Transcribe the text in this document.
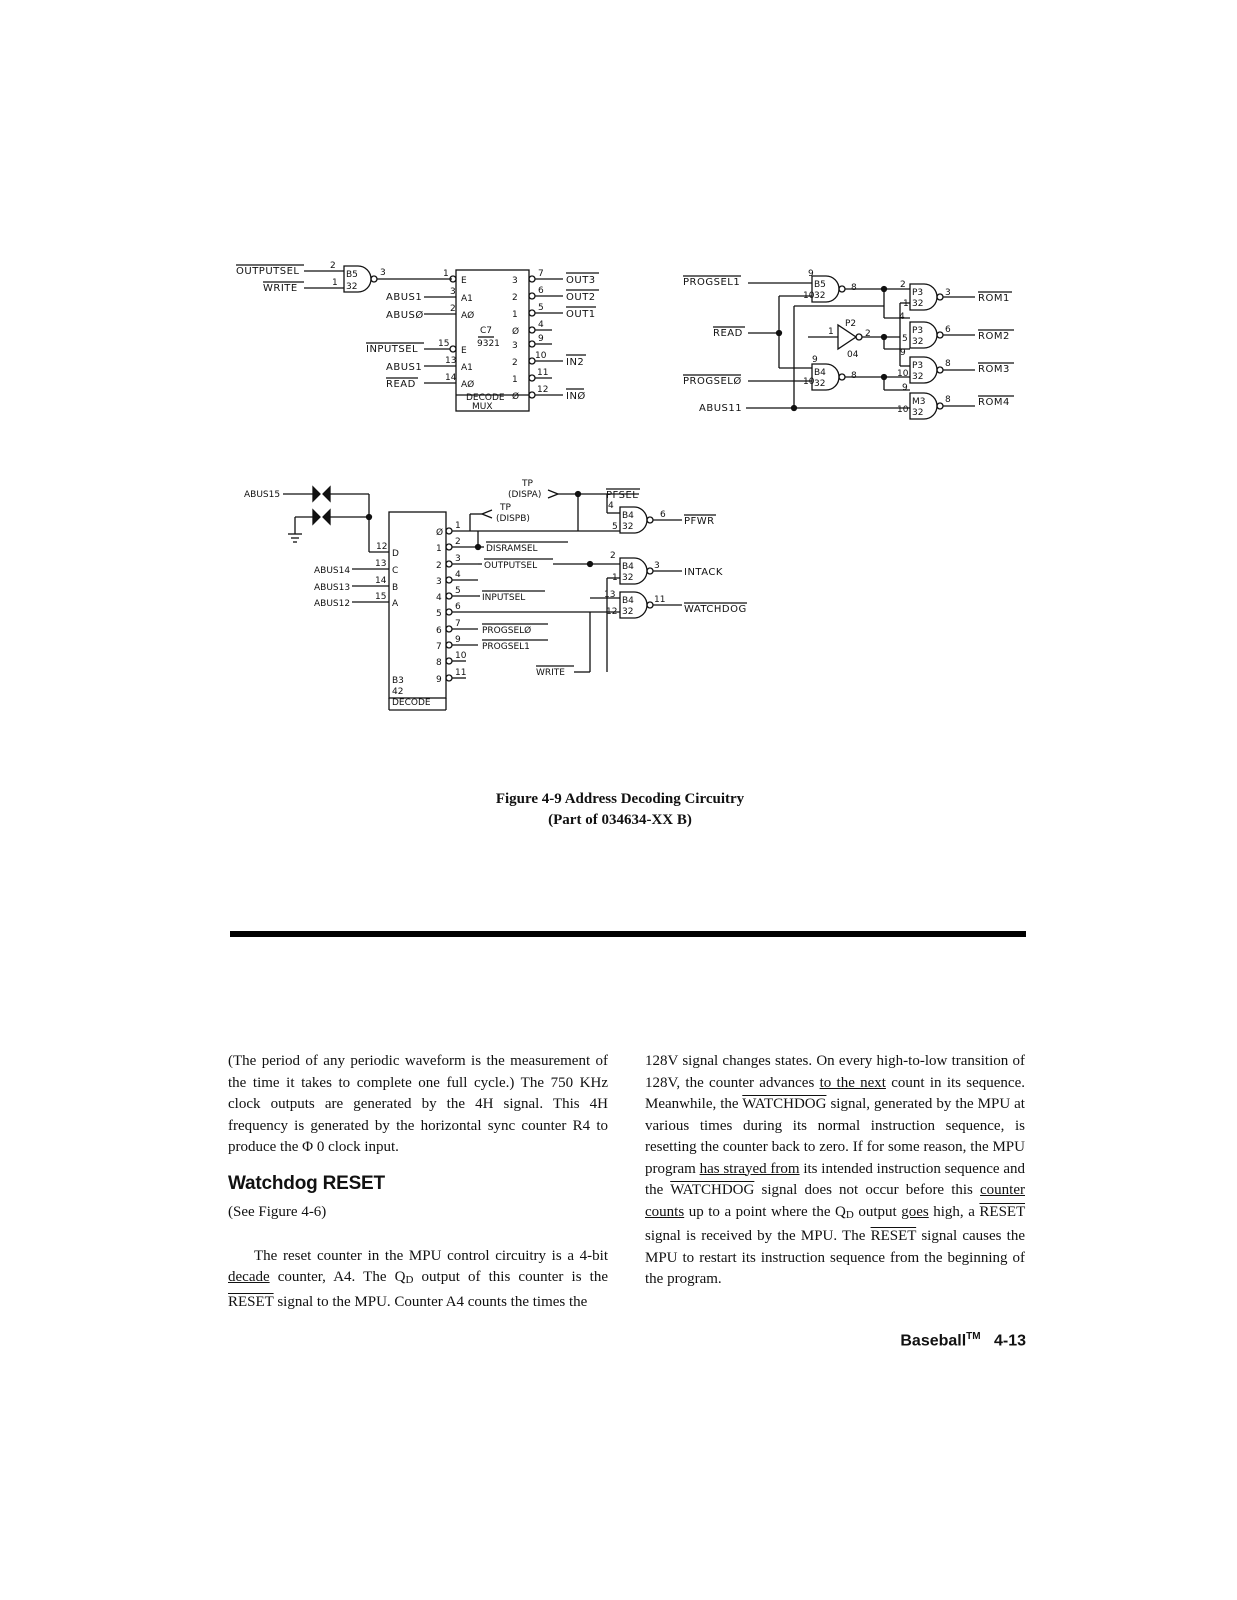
OUTPUTSEL
WRITE
2
1
B5
32
3
E
A1
AØ
E
A1
AØ
C7
9321
DECODE
MUX
1
ABUS1	3
ABUSØ
2
INPUTSEL 15
ABUS1
13
READ
14
3
2
1
Ø
3
2
1
Ø
7
6
5
4
9
10
11
12
OUT3
OUT2
OUT1
IN2
INØ
PROGSEL1
READ
PROGSELØ
ABUS11
B5
32
9
10
8
P2
04
1	2
B4
32
9
10
8
P3
32
2
1
3	ROM1
P3
32
4
5
6
ROM2
P3
32
9
10
8	ROM3
M3
32
9
10
8	ROM4
ABUS15
12
D
C
B
A
ABUS14
ABUS13
ABUS12
13
14
15
B3
42
DECODE
Ø
1
2
3
4
5
6
7
8
9
1
2
3
4
5
6
7
9
10
11
DISRAMSEL
OUTPUTSEL
INPUTSEL
PROGSELØ
PROGSEL1
WRITE
TP
(DISPA)
TP
(DISPB)
PFSEL
B4
32
4
5
6
PFWR
B4
32
2
1
3
INTACK
B4
32
13
12
11
WATCHDOG
Figure 4-9 Address Decoding Circuitry
(Part of 034634-XX B)

(The period of any periodic waveform is the measurement of the time it takes to complete one full cycle.) The 750 KHz clock outputs are generated by the 4H signal. This 4H frequency is generated by the horizontal sync counter R4 to produce the Φ 0 clock input.

Watchdog RESET

(See Figure 4-6)

The reset counter in the MPU control circuitry is a 4-bit decade counter, A4. The QD output of this counter is the RESET signal to the MPU. Counter A4 counts the times the

128V signal changes states. On every high-to-low transition of 128V, the counter advances to the next count in its sequence. Meanwhile, the WATCHDOG signal, generated by the MPU at various times during its normal instruction sequence, is resetting the counter back to zero. If for some reason, the MPU program has strayed from its intended instruction sequence and the WATCHDOG signal does not occur before this counter counts up to a point where the QD output goes high, a RESET signal is received by the MPU. The RESET signal causes the MPU to restart its instruction sequence from the beginning of the program.

Baseball™ 4-13
